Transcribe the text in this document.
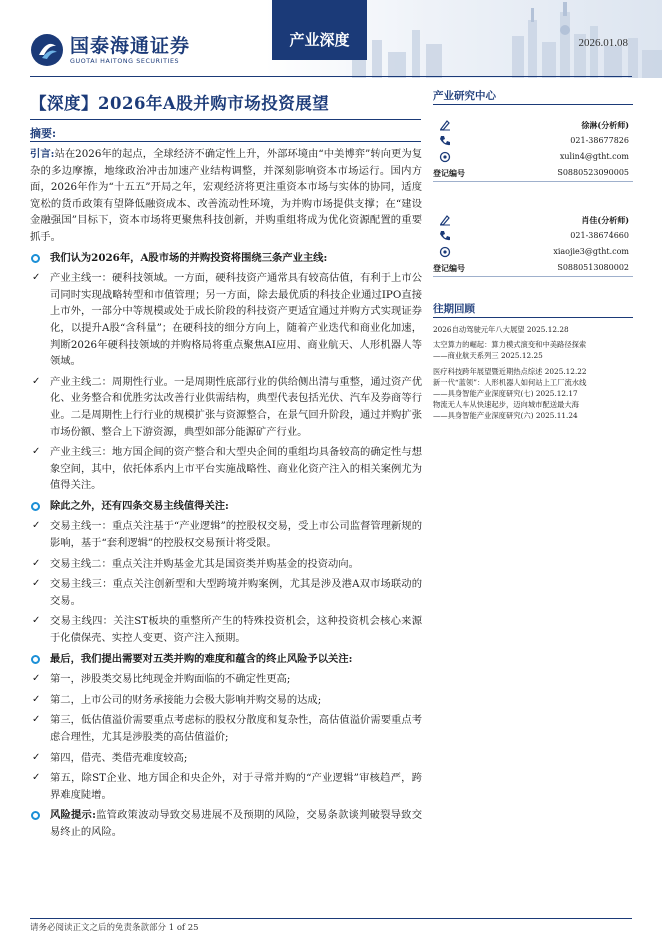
国泰海通证券
GUOTAI HAITONG SECURITIES
产业深度	2026.01.08
【深度】2026年A股并购市场投资展望
摘要:

引言:站在2026年的起点，全球经济不确定性上升，外部环境由“中美博弈”转向更为复杂的多边摩擦，地缘政治冲击加速产业结构调整，并深刻影响资本市场运行。国内方面，2026年作为“十五五”开局之年，宏观经济将更注重资本市场与实体的协同，适度宽松的货币政策有望降低融资成本、改善流动性环境，为并购市场提供支撑；在“建设金融强国”目标下，资本市场将更聚焦科技创新，并购重组将成为优化资源配置的重要抓手。

我们认为2026年，A股市场的并购投资将围绕三条产业主线:
✓ 产业主线一：硬科技领域。一方面，硬科技资产通常具有较高估值，有利于上市公司同时实现战略转型和市值管理；另一方面，除去最优质的科技企业通过IPO直接上市外，一部分中等规模或处于成长阶段的科技资产更适宜通过并购方式实现证券化，以提升A股“含科量”；在硬科技的细分方向上，随着产业迭代和商业化加速，判断2026年硬科技领域的并购格局将重点聚焦AI应用、商业航天、人形机器人等领域。
✓ 产业主线二：周期性行业。一是周期性底部行业的供给侧出清与重整，通过资产优化、业务整合和优胜劣汰改善行业供需结构，典型代表包括光伏、汽车及券商等行业。二是周期性上行行业的规模扩张与资源整合，在景气回升阶段，通过并购扩张市场份额、整合上下游资源，典型如部分能源矿产行业。
✓ 产业主线三：地方国企间的资产整合和大型央企间的重组均具备较高的确定性与想象空间，其中，依托体系内上市平台实施战略性、商业化资产注入的相关案例尤为值得关注。
除此之外，还有四条交易主线值得关注:
✓ 交易主线一：重点关注基于“产业逻辑”的控股权交易，受上市公司监督管理新规的影响，基于“套利逻辑”的控股权交易预计将受限。
✓ 交易主线二：重点关注并购基金尤其是国资类并购基金的投资动向。
✓ 交易主线三：重点关注创新型和大型跨境并购案例，尤其是涉及港A双市场联动的交易。
✓ 交易主线四：关注ST板块的重整所产生的特殊投资机会，这种投资机会核心来源于化债保壳、实控人变更、资产注入预期。
最后，我们提出需要对五类并购的难度和蕴含的终止风险予以关注:
✓ 第一，涉股类交易比纯现金并购面临的不确定性更高;
✓ 第二，上市公司的财务承接能力会极大影响并购交易的达成;
✓ 第三，低估值溢价需要重点考虑标的股权分散度和复杂性，高估值溢价需要重点考虑合理性，尤其是涉股类的高估值溢价;
✓ 第四，借壳、类借壳难度较高;
✓ 第五，除ST企业、地方国企和央企外，对于寻常并购的“产业逻辑”审核趋严，跨界难度陡增。
风险提示:监管政策波动导致交易进展不及预期的风险，交易条款谈判破裂导致交易终止的风险。
产业研究中心
徐淋(分析师)
021-38677826
xulin4@gtht.com
登记编号	S0880523090005
肖佳(分析师)
021-38674660
xiaojie3@gtht.com
登记编号	S0880513080002
往期回顾
2026自动驾驶元年八大展望 2025.12.28
太空算力的崛起：算力模式演变和中美路径探索
——商业航天系列三 2025.12.25
医疗科技跨年展望暨近期热点综述 2025.12.22
新一代“蓝领”：人形机器人如何站上工厂流水线
——具身智能产业深度研究(七) 2025.12.17
物流无人车从快速起步，迈向城市配送最大海
——具身智能产业深度研究(六) 2025.11.24
请务必阅读正文之后的免责条款部分 1 of 25
